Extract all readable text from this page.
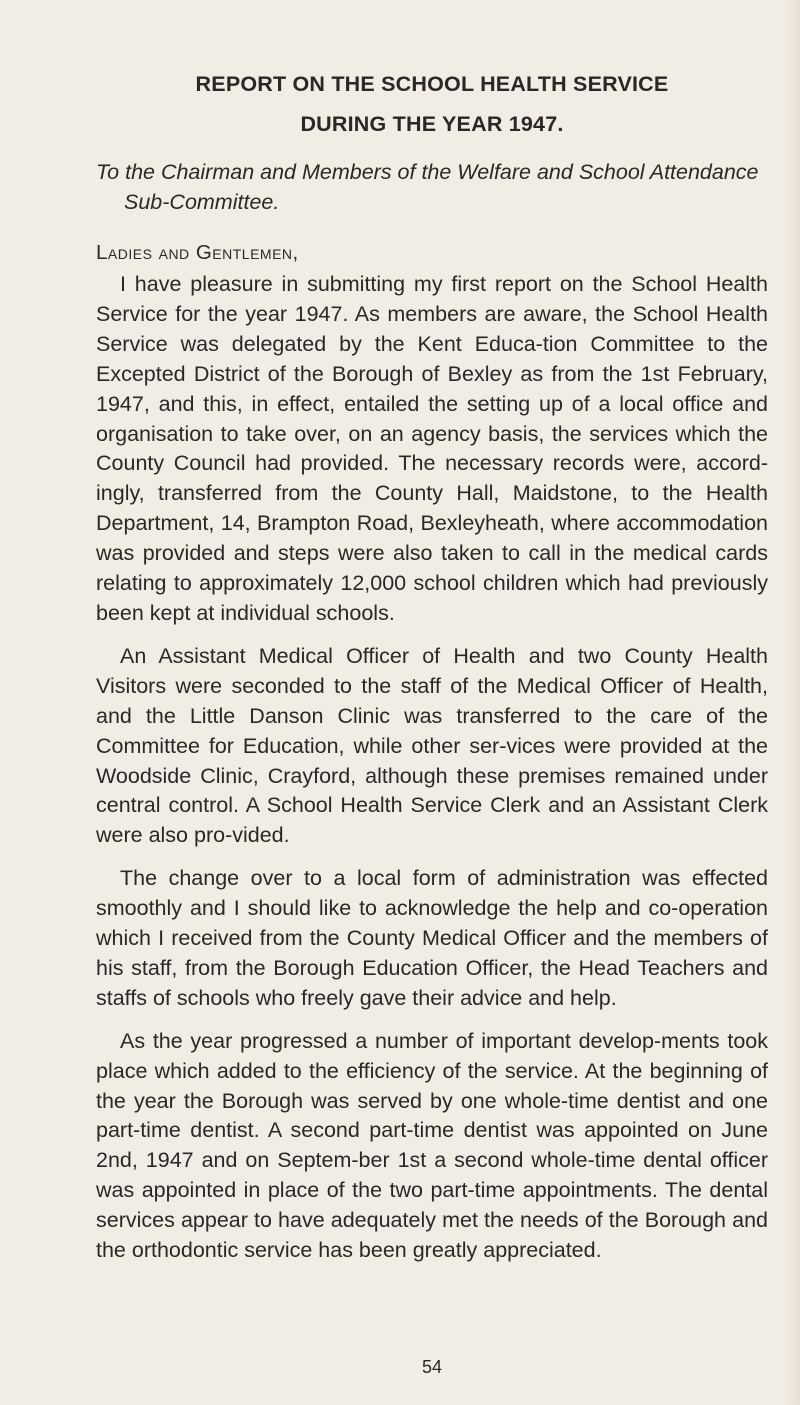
REPORT ON THE SCHOOL HEALTH SERVICE
DURING THE YEAR 1947.

To the Chairman and Members of the Welfare and School Attendance Sub-Committee.

Ladies and Gentlemen,

I have pleasure in submitting my first report on the School Health Service for the year 1947. As members are aware, the School Health Service was delegated by the Kent Educa-tion Committee to the Excepted District of the Borough of Bexley as from the 1st February, 1947, and this, in effect, entailed the setting up of a local office and organisation to take over, on an agency basis, the services which the County Council had provided. The necessary records were, accord-ingly, transferred from the County Hall, Maidstone, to the Health Department, 14, Brampton Road, Bexleyheath, where accommodation was provided and steps were also taken to call in the medical cards relating to approximately 12,000 school children which had previously been kept at individual schools.

An Assistant Medical Officer of Health and two County Health Visitors were seconded to the staff of the Medical Officer of Health, and the Little Danson Clinic was transferred to the care of the Committee for Education, while other ser-vices were provided at the Woodside Clinic, Crayford, although these premises remained under central control. A School Health Service Clerk and an Assistant Clerk were also pro-vided.

The change over to a local form of administration was effected smoothly and I should like to acknowledge the help and co-operation which I received from the County Medical Officer and the members of his staff, from the Borough Education Officer, the Head Teachers and staffs of schools who freely gave their advice and help.

As the year progressed a number of important develop-ments took place which added to the efficiency of the service. At the beginning of the year the Borough was served by one whole-time dentist and one part-time dentist. A second part-time dentist was appointed on June 2nd, 1947 and on Septem-ber 1st a second whole-time dental officer was appointed in place of the two part-time appointments. The dental services appear to have adequately met the needs of the Borough and the orthodontic service has been greatly appreciated.

54
